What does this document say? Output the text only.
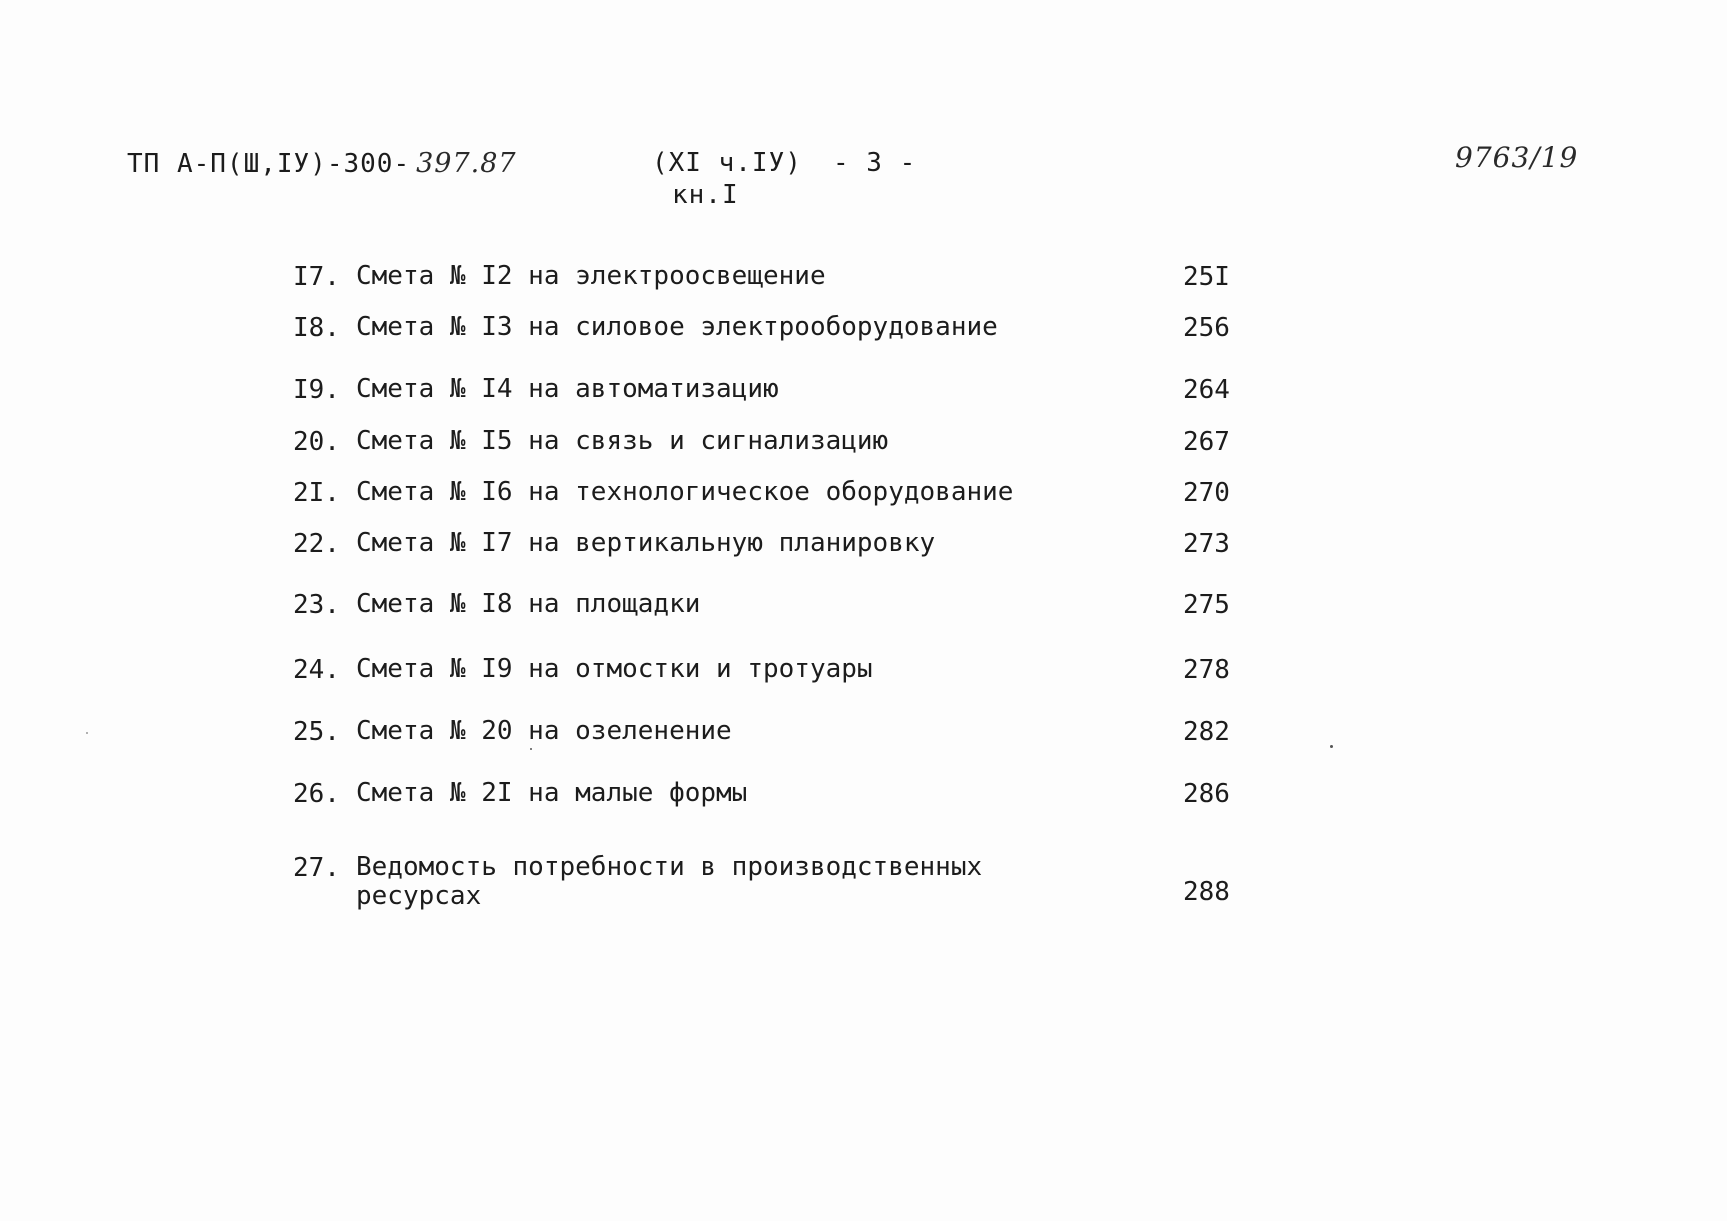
ТП А-П(Ш,IУ)-300- 397.87	(XI ч.IУ) - 3 -
кн.I
9763/19
I7. Смета № I2 на электроосвещение	25I
I8. Смета № I3 на силовое электрооборудование	256
I9. Смета № I4 на автоматизацию	264
20. Смета № I5 на связь и сигнализацию	267
2I. Смета № I6 на технологическое оборудование	270
22. Смета № I7 на вертикальную планировку	273
23. Смета № I8 на площадки	275
24. Смета № I9 на отмостки и тротуары	278
25. Смета № 20 на озеленение	282
26. Смета № 2I на малые формы	286
27. Ведомость потребности в производственных
ресурсах	288
